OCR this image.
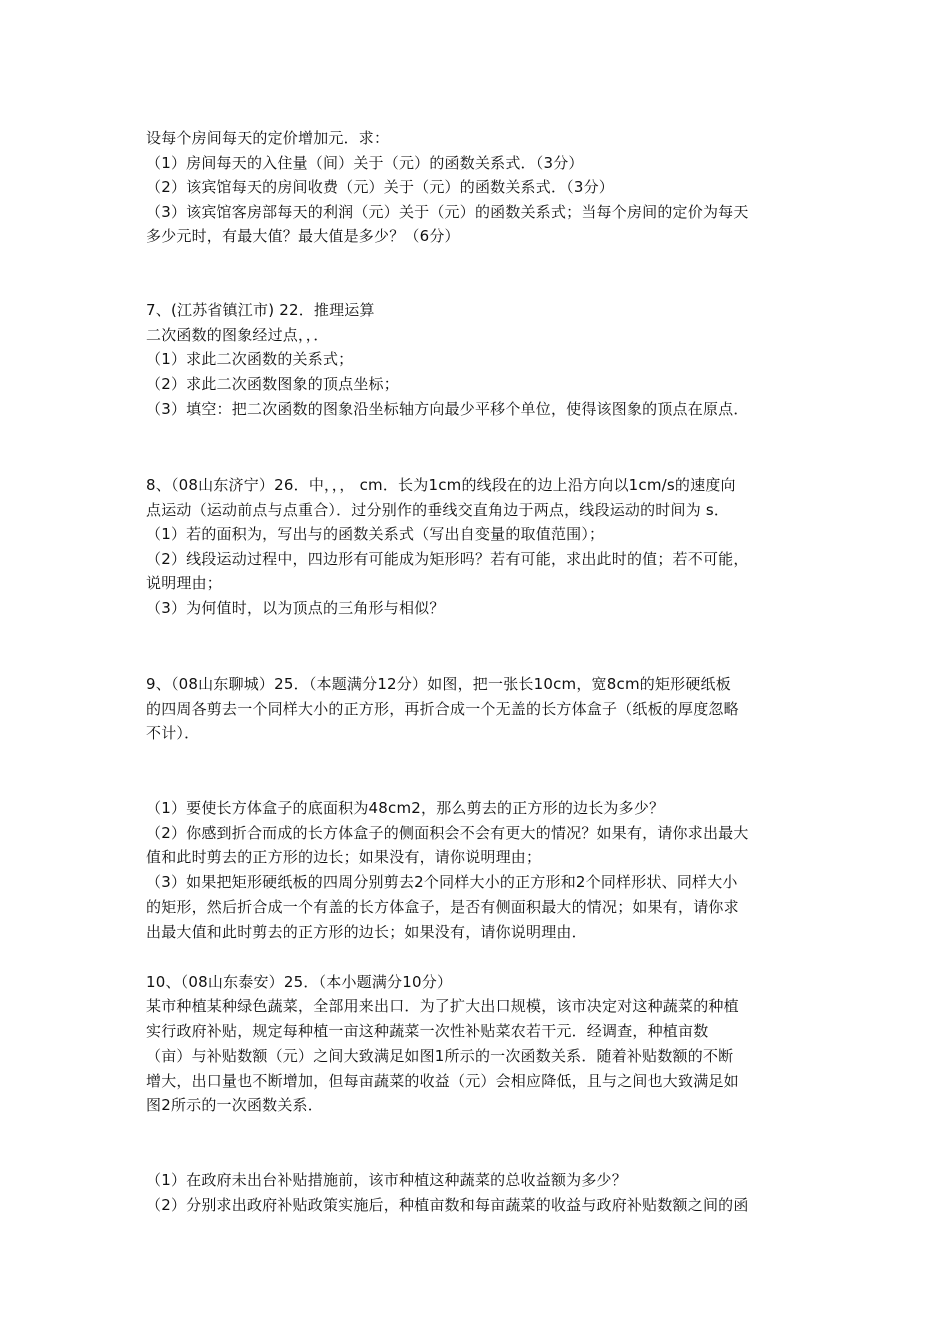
设每个房间每天的定价增加元．求：
（1）房间每天的入住量（间）关于（元）的函数关系式．（3分）
（2）该宾馆每天的房间收费（元）关于（元）的函数关系式．（3分）
（3）该宾馆客房部每天的利润（元）关于（元）的函数关系式；当每个房间的定价为每天
多少元时，有最大值？最大值是多少？（6分）
7、(江苏省镇江市) 22．推理运算
二次函数的图象经过点，，．
（1）求此二次函数的关系式；
（2）求此二次函数图象的顶点坐标；
（3）填空：把二次函数的图象沿坐标轴方向最少平移个单位，使得该图象的顶点在原点．
8、（08山东济宁）26．中，，， cm．长为1cm的线段在的边上沿方向以1cm/s的速度向
点运动（运动前点与点重合）．过分别作的垂线交直角边于两点，线段运动的时间为 s．
（1）若的面积为，写出与的函数关系式（写出自变量的取值范围）；
（2）线段运动过程中，四边形有可能成为矩形吗？若有可能，求出此时的值；若不可能，
说明理由；
（3）为何值时，以为顶点的三角形与相似？
9、（08山东聊城）25．（本题满分12分）如图，把一张长10cm，宽8cm的矩形硬纸板
的四周各剪去一个同样大小的正方形，再折合成一个无盖的长方体盒子（纸板的厚度忽略
不计）．
（1）要使长方体盒子的底面积为48cm2，那么剪去的正方形的边长为多少？
（2）你感到折合而成的长方体盒子的侧面积会不会有更大的情况？如果有，请你求出最大
值和此时剪去的正方形的边长；如果没有，请你说明理由；
（3）如果把矩形硬纸板的四周分别剪去2个同样大小的正方形和2个同样形状、同样大小
的矩形，然后折合成一个有盖的长方体盒子，是否有侧面积最大的情况；如果有，请你求
出最大值和此时剪去的正方形的边长；如果没有，请你说明理由．
10、（08山东泰安）25．（本小题满分10分）
某市种植某种绿色蔬菜，全部用来出口．为了扩大出口规模，该市决定对这种蔬菜的种植
实行政府补贴，规定每种植一亩这种蔬菜一次性补贴菜农若干元．经调查，种植亩数
（亩）与补贴数额（元）之间大致满足如图1所示的一次函数关系．随着补贴数额的不断
增大，出口量也不断增加，但每亩蔬菜的收益（元）会相应降低，且与之间也大致满足如
图2所示的一次函数关系．
（1）在政府未出台补贴措施前，该市种植这种蔬菜的总收益额为多少？
（2）分别求出政府补贴政策实施后，种植亩数和每亩蔬菜的收益与政府补贴数额之间的函
